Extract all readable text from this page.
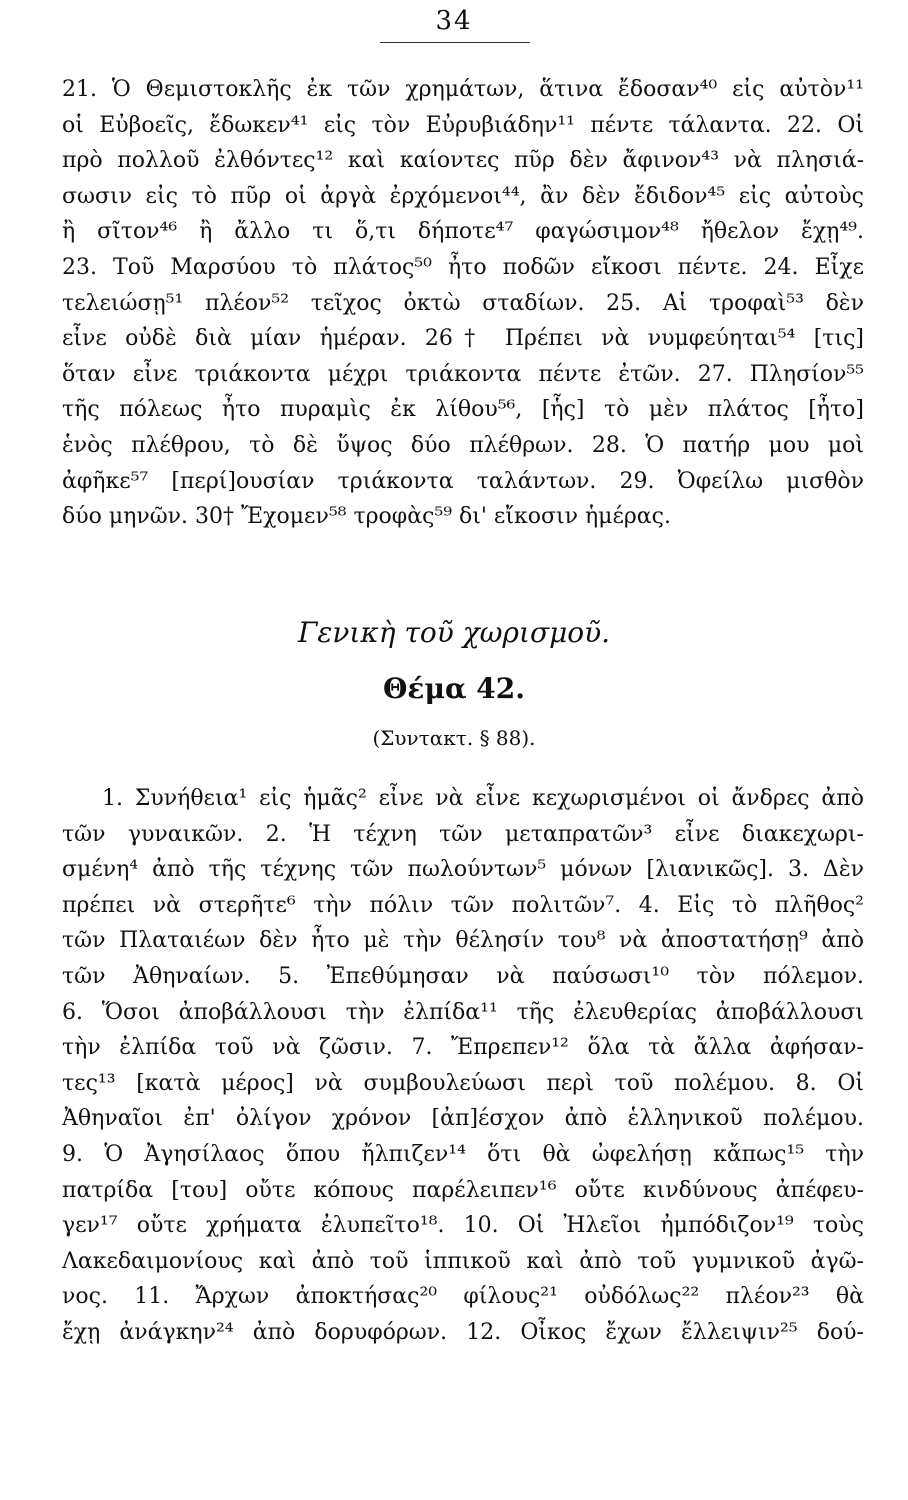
34
21. Ὁ Θεμιστοκλῆς ἐκ τῶν χρημάτων, ἅτινα ἔδοσαν⁴⁰ εἰς αὐτὸν¹¹
οἱ Εὐβοεῖς, ἔδωκεν⁴¹ εἰς τὸν Εὐρυβιάδην¹¹ πέντε τάλαντα. 22. Οἱ
πρὸ πολλοῦ ἐλθόντες¹² καὶ καίοντες πῦρ δὲν ἄφινον⁴³ νὰ πλησιά-
σωσιν εἰς τὸ πῦρ οἱ ἀργὰ ἐρχόμενοι⁴⁴, ἂν δὲν ἔδιδον⁴⁵ εἰς αὐτοὺς
ἢ σῖτον⁴⁶ ἢ ἄλλο τι ὅ,τι δήποτε⁴⁷ φαγώσιμον⁴⁸ ἤθελον ἔχῃ⁴⁹.
23. Τοῦ Μαρσύου τὸ πλάτος⁵⁰ ἦτο ποδῶν εἴκοσι πέντε. 24. Εἶχε
τελειώσῃ⁵¹ πλέον⁵² τεῖχος ὀκτὼ σταδίων. 25. Αἱ τροφαὶ⁵³ δὲν
εἶνε οὐδὲ διὰ μίαν ἡμέραν. 26† Πρέπει νὰ νυμφεύηται⁵⁴ [τις]
ὅταν εἶνε τριάκοντα μέχρι τριάκοντα πέντε ἐτῶν. 27. Πλησίον⁵⁵
τῆς πόλεως ἦτο πυραμὶς ἐκ λίθου⁵⁶, [ἧς] τὸ μὲν πλάτος [ἦτο]
ἑνὸς πλέθρου, τὸ δὲ ὕψος δύο πλέθρων. 28. Ὁ πατήρ μου μοὶ
ἀφῆκε⁵⁷ [περί]ουσίαν τριάκοντα ταλάντων. 29. Ὀφείλω μισθὸν
δύο μηνῶν. 30† Ἔχομεν⁵⁸ τροφὰς⁵⁹ δι' εἴκοσιν ἡμέρας.
Γενικὴ τοῦ χωρισμοῦ.
Θέμα 42.
(Συντακτ. § 88).
1. Συνήθεια¹ εἰς ἡμᾶς² εἶνε νὰ εἶνε κεχωρισμένοι οἱ ἄνδρες ἀπὸ
τῶν γυναικῶν. 2. Ἡ τέχνη τῶν μεταπρατῶν³ εἶνε διακεχωρι-
σμένη⁴ ἀπὸ τῆς τέχνης τῶν πωλούντων⁵ μόνων [λιανικῶς]. 3. Δὲν
πρέπει νὰ στερῆτε⁶ τὴν πόλιν τῶν πολιτῶν⁷. 4. Εἰς τὸ πλῆθος²
τῶν Πλαταιέων δὲν ἦτο μὲ τὴν θέλησίν του⁸ νὰ ἀποστατήσῃ⁹ ἀπὸ
τῶν Ἀθηναίων. 5. Ἐπεθύμησαν νὰ παύσωσι¹⁰ τὸν πόλεμον.
6. Ὅσοι ἀποβάλλουσι τὴν ἐλπίδα¹¹ τῆς ἐλευθερίας ἀποβάλλουσι
τὴν ἐλπίδα τοῦ νὰ ζῶσιν. 7. Ἔπρεπεν¹² ὅλα τὰ ἄλλα ἀφήσαν-
τες¹³ [κατὰ μέρος] νὰ συμβουλεύωσι περὶ τοῦ πολέμου. 8. Οἱ
Ἀθηναῖοι ἐπ' ὀλίγον χρόνον [ἀπ]έσχον ἀπὸ ἑλληνικοῦ πολέμου.
9. Ὁ Ἀγησίλαος ὅπου ἤλπιζεν¹⁴ ὅτι θὰ ὠφελήσῃ κἄπως¹⁵ τὴν
πατρίδα [του] οὔτε κόπους παρέλειπεν¹⁶ οὔτε κινδύνους ἀπέφευ-
γεν¹⁷ οὔτε χρήματα ἐλυπεῖτο¹⁸. 10. Οἱ Ἠλεῖοι ἠμπόδιζον¹⁹ τοὺς
Λακεδαιμονίους καὶ ἀπὸ τοῦ ἱππικοῦ καὶ ἀπὸ τοῦ γυμνικοῦ ἀγῶ-
νος. 11. Ἄρχων ἀποκτήσας²⁰ φίλους²¹ οὐδόλως²² πλέον²³ θὰ
ἔχῃ ἀνάγκην²⁴ ἀπὸ δορυφόρων. 12. Οἶκος ἔχων ἔλλειψιν²⁵ δού-
